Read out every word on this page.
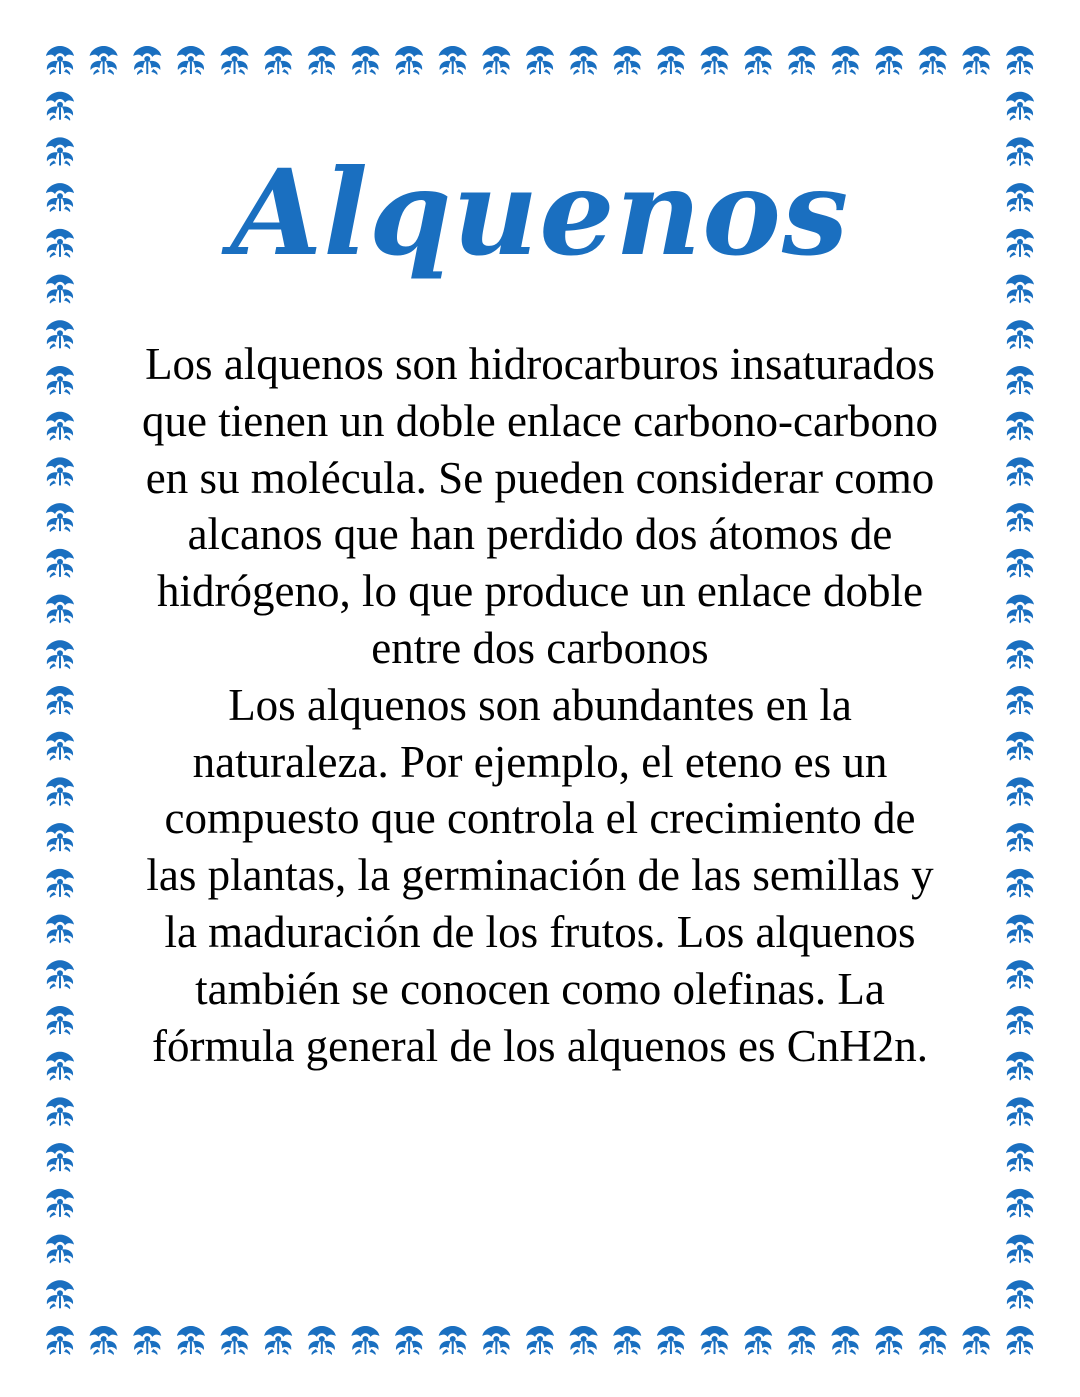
Alquenos

Los alquenos son hidrocarburos insaturados que tienen un doble enlace carbono-carbono en su molécula. Se pueden considerar como alcanos que han perdido dos átomos de hidrógeno, lo que produce un enlace doble entre dos carbonos

Los alquenos son abundantes en la naturaleza. Por ejemplo, el eteno es un compuesto que controla el crecimiento de las plantas, la germinación de las semillas y la maduración de los frutos. Los alquenos también se conocen como olefinas. La fórmula general de los alquenos es CnH2n.
